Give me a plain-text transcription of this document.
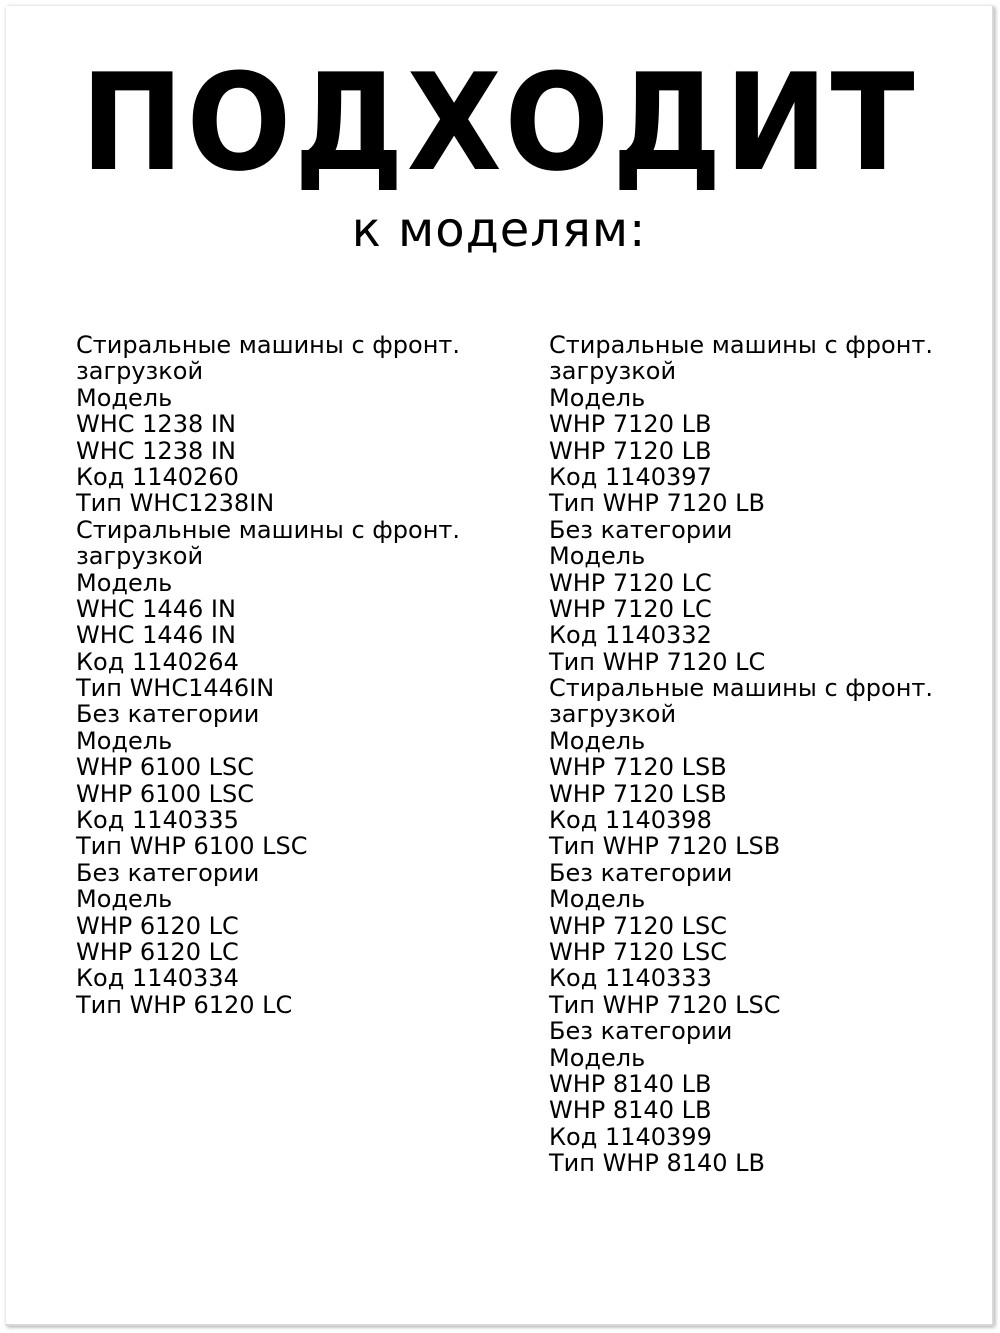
ПОДХОДИТ
к моделям:
Стиральные машины с фронт.
загрузкой
Модель
WHC 1238 IN
WHC 1238 IN
Код 1140260
Тип WHC1238IN
Стиральные машины с фронт.
загрузкой
Модель
WHC 1446 IN
WHC 1446 IN
Код 1140264
Тип WHC1446IN
Без категории
Модель
WHP 6100 LSC
WHP 6100 LSC
Код 1140335
Тип WHP 6100 LSC
Без категории
Модель
WHP 6120 LC
WHP 6120 LC
Код 1140334
Тип WHP 6120 LC
Стиральные машины с фронт.
загрузкой
Модель
WHP 7120 LB
WHP 7120 LB
Код 1140397
Тип WHP 7120 LB
Без категории
Модель
WHP 7120 LC
WHP 7120 LC
Код 1140332
Тип WHP 7120 LC
Стиральные машины с фронт.
загрузкой
Модель
WHP 7120 LSB
WHP 7120 LSB
Код 1140398
Тип WHP 7120 LSB
Без категории
Модель
WHP 7120 LSC
WHP 7120 LSC
Код 1140333
Тип WHP 7120 LSC
Без категории
Модель
WHP 8140 LB
WHP 8140 LB
Код 1140399
Тип WHP 8140 LB
